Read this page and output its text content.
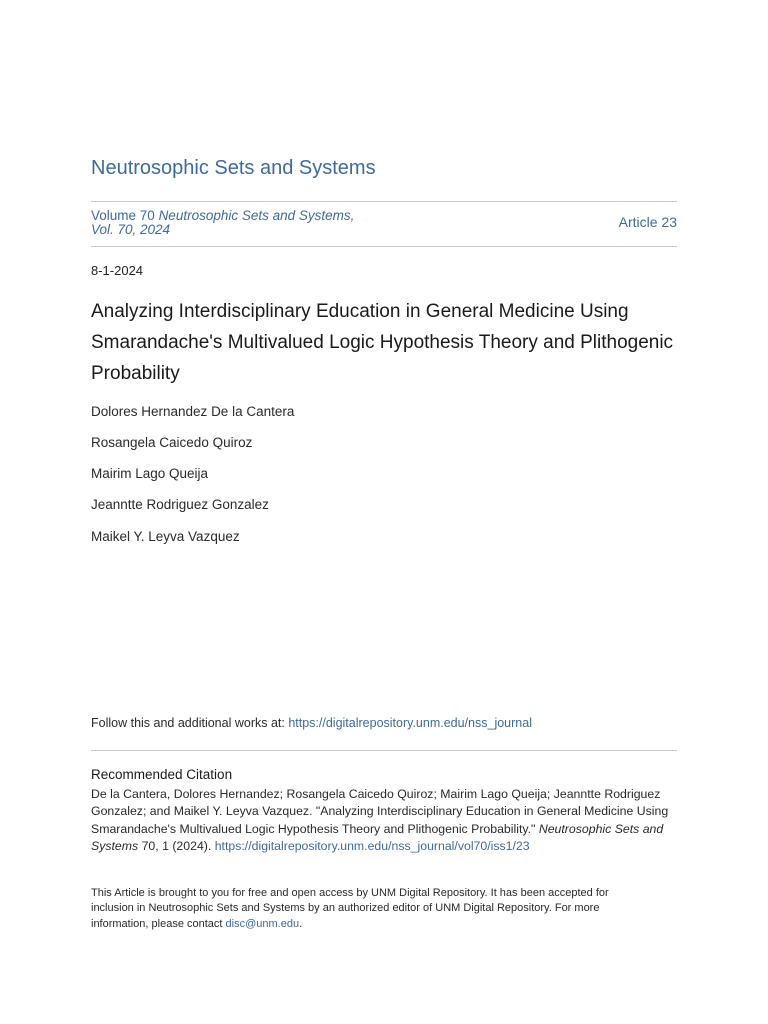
Neutrosophic Sets and Systems
Volume 70 Neutrosophic Sets and Systems,
Vol. 70, 2024	Article 23
8-1-2024
Analyzing Interdisciplinary Education in General Medicine Using Smarandache's Multivalued Logic Hypothesis Theory and Plithogenic Probability
Dolores Hernandez De la Cantera
Rosangela Caicedo Quiroz
Mairim Lago Queija
Jeanntte Rodriguez Gonzalez
Maikel Y. Leyva Vazquez
Follow this and additional works at: https://digitalrepository.unm.edu/nss_journal
Recommended Citation
De la Cantera, Dolores Hernandez; Rosangela Caicedo Quiroz; Mairim Lago Queija; Jeanntte Rodriguez Gonzalez; and Maikel Y. Leyva Vazquez. "Analyzing Interdisciplinary Education in General Medicine Using Smarandache's Multivalued Logic Hypothesis Theory and Plithogenic Probability." Neutrosophic Sets and Systems 70, 1 (2024). https://digitalrepository.unm.edu/nss_journal/vol70/iss1/23
This Article is brought to you for free and open access by UNM Digital Repository. It has been accepted for inclusion in Neutrosophic Sets and Systems by an authorized editor of UNM Digital Repository. For more information, please contact disc@unm.edu.
